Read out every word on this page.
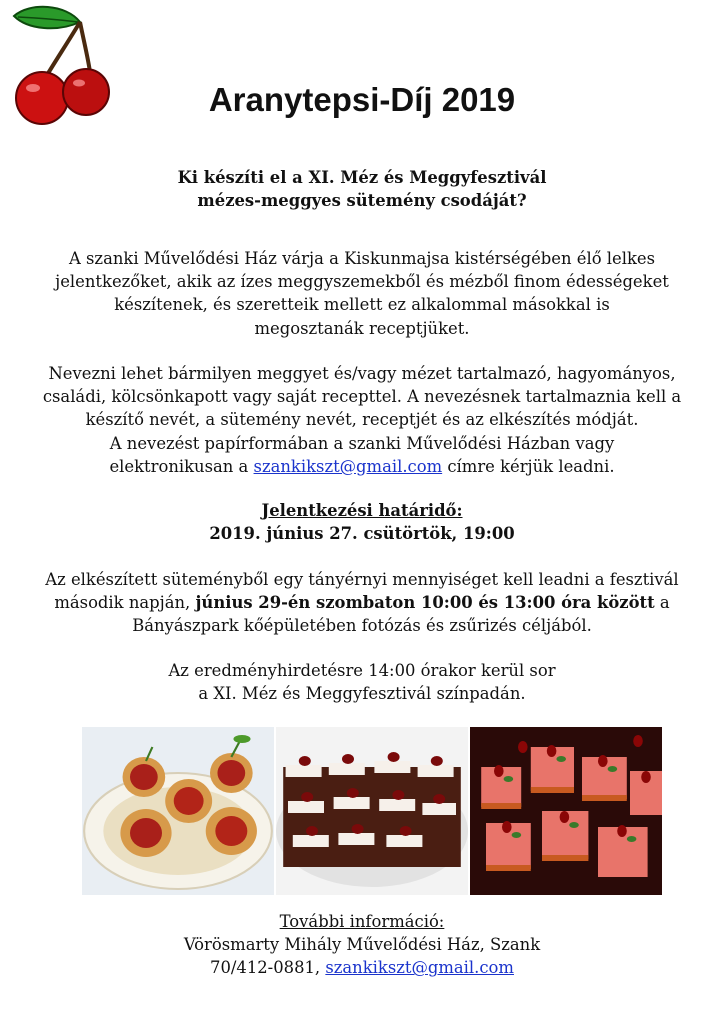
Aranytepsi-Díj 2019

Ki készíti el a XI. Méz és Meggyfesztivál
mézes-meggyes sütemény csodáját?

A szanki Művelődési Ház várja a Kiskunmajsa kistérségében élő lelkes
jelentkezőket, akik az ízes meggyszemekből és mézből finom édességeket
készítenek, és szeretteik mellett ez alkalommal másokkal is
megosztanák receptjüket.

Nevezni lehet bármilyen meggyet és/vagy mézet tartalmazó, hagyományos,
családi, kölcsönkapott vagy saját recepttel. A nevezésnek tartalmaznia kell a
készítő nevét, a sütemény nevét, receptjét és az elkészítés módját.
A nevezést papírformában a szanki Művelődési Házban vagy
elektronikusan a szankikszt@gmail.com címre kérjük leadni.

Jelentkezési határidő:
2019. június 27. csütörtök, 19:00

Az elkészített süteményből egy tányérnyi mennyiséget kell leadni a fesztivál
második napján, június 29-én szombaton 10:00 és 13:00 óra között a
Bányászpark kőépületében fotózás és zsűrizés céljából.

Az eredményhirdetésre 14:00 órakor kerül sor
a XI. Méz és Meggyfesztivál színpadán.

További információ:
Vörösmarty Mihály Művelődési Ház, Szank
70/412-0881, szankikszt@gmail.com
